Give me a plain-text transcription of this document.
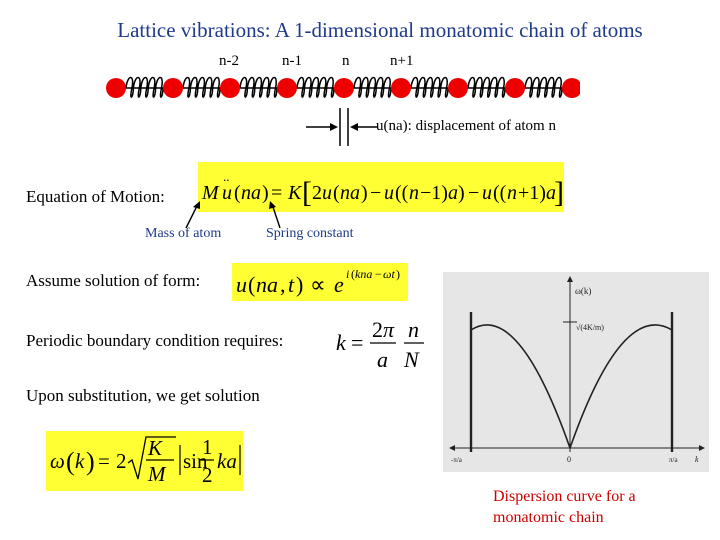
Lattice vibrations: A 1-dimensional monatomic chain of atoms
n-2	n-1	n	n+1
u(na): displacement of atom n
Equation of Motion: M u
..
( na ) = K [ 2 u ( na ) − u (( n −1) a ) − u (( n +1) a
]
Mass of atom	Spring constant
Assume solution of form: u ( na , t ) ∝ e i ( kna − ωt )
Periodic boundary condition requires: k =
2 π
a
n
N
Upon substitution, we get solution
ω ( k ) = 2
K
M
sin
1
2
ka
ω(k)
√(4K/m)
0
-π/a	π/a k
Dispersion curve for a
monatomic chain
